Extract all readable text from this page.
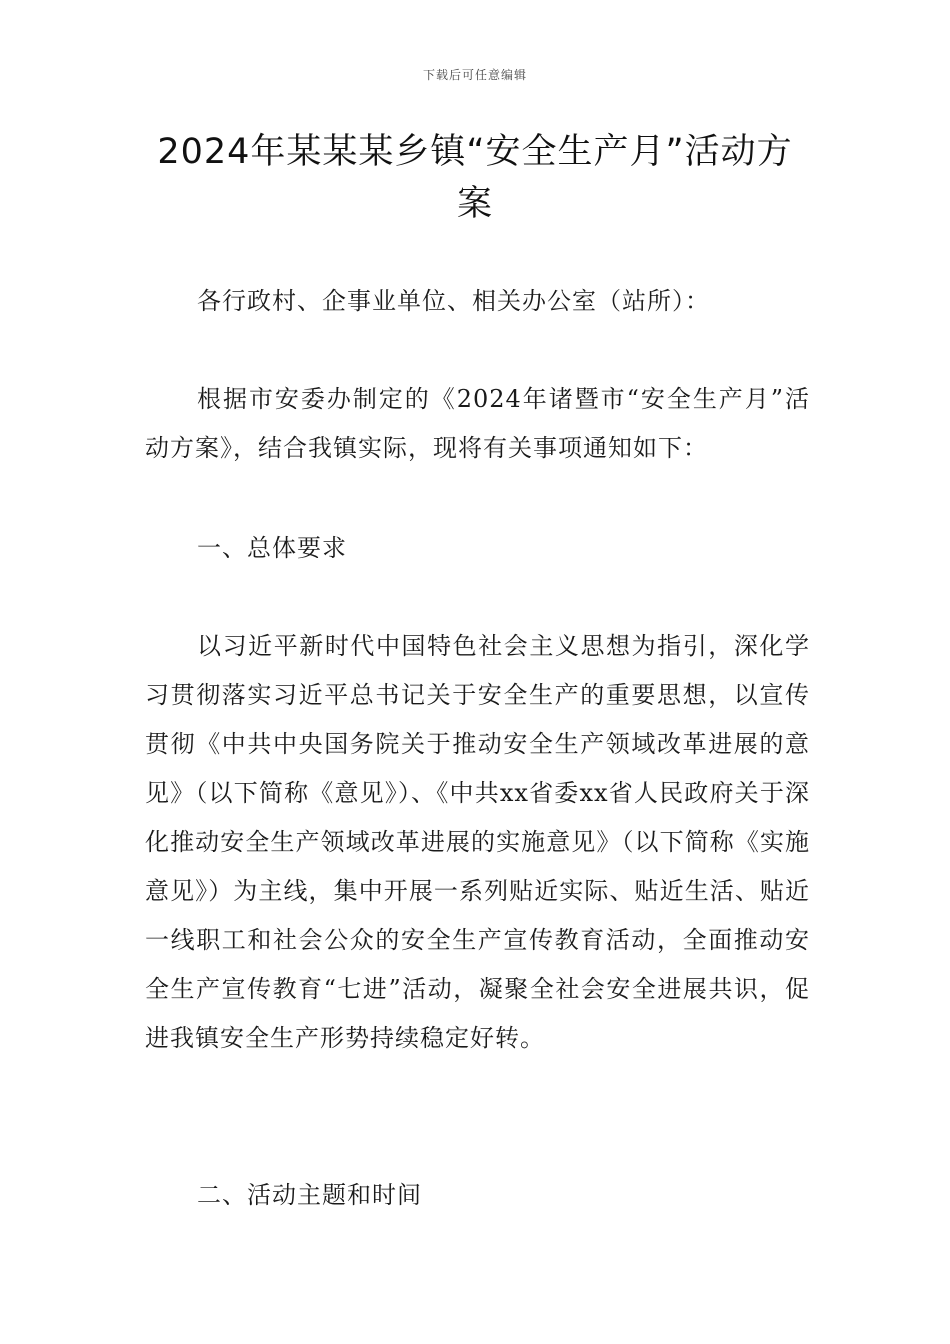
下载后可任意编辑
2024年某某某乡镇“安全生产月”活动方案

各行政村、企事业单位、相关办公室（站所）：

根据市安委办制定的《2024年诸暨市“安全生产月”活动方案》，结合我镇实际，现将有关事项通知如下：

一、总体要求

以习近平新时代中国特色社会主义思想为指引，深化学习贯彻落实习近平总书记关于安全生产的重要思想，以宣传贯彻《中共中央国务院关于推动安全生产领域改革进展的意见》（以下简称《意见》）、《中共xx省委xx省人民政府关于深化推动安全生产领域改革进展的实施意见》（以下简称《实施意见》）为主线，集中开展一系列贴近实际、贴近生活、贴近一线职工和社会公众的安全生产宣传教育活动，全面推动安全生产宣传教育“七进”活动，凝聚全社会安全进展共识，促进我镇安全生产形势持续稳定好转。

二、活动主题和时间
